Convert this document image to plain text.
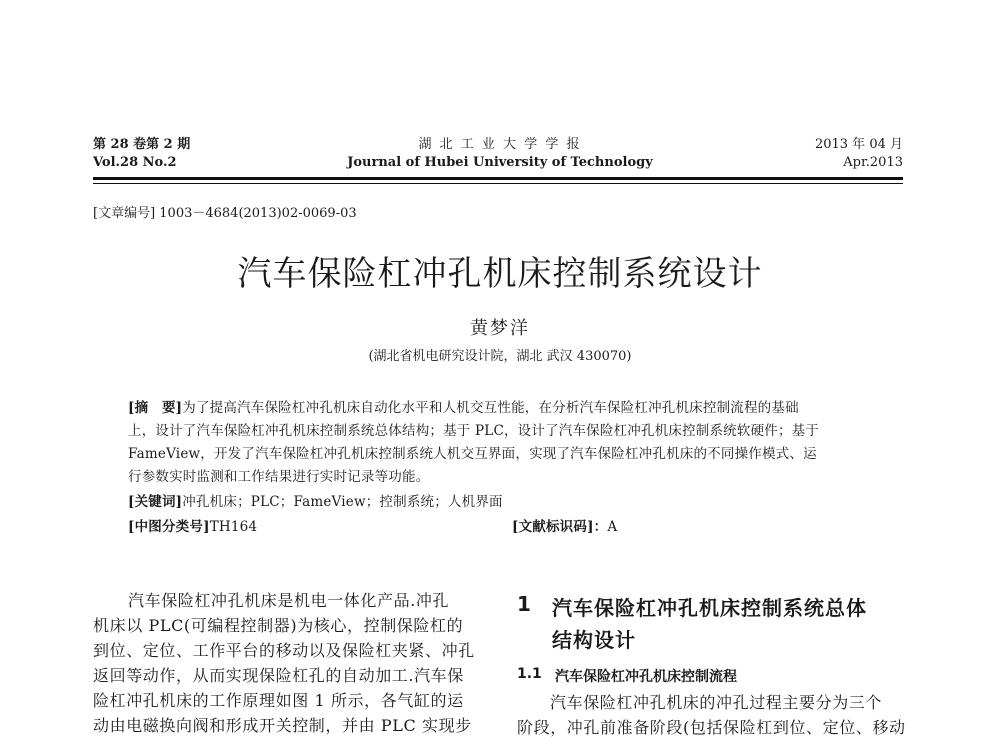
第 28 卷第 2 期
Vol.28 No.2
湖 北 工 业 大 学 学 报
Journal of Hubei University of Technology
2013 年 04 月
Apr.2013
[文章编号] 1003－4684(2013)02-0069-03
汽车保险杠冲孔机床控制系统设计
黄梦洋
(湖北省机电研究设计院，湖北 武汉 430070)
[摘　要]为了提高汽车保险杠冲孔机床自动化水平和人机交互性能，在分析汽车保险杠冲孔机床控制流程的基础
上，设计了汽车保险杠冲孔机床控制系统总体结构；基于 PLC，设计了汽车保险杠冲孔机床控制系统软硬件；基于
FameView，开发了汽车保险杠冲孔机床控制系统人机交互界面，实现了汽车保险杠冲孔机床的不同操作模式、运
行参数实时监测和工作结果进行实时记录等功能。
[关键词]冲孔机床；PLC；FameView；控制系统；人机界面
[中图分类号]TH164	[文献标识码]：A
汽车保险杠冲孔机床是机电一体化产品.冲孔
机床以 PLC(可编程控制器)为核心，控制保险杠的
到位、定位、工作平台的移动以及保险杠夹紧、冲孔
返回等动作，从而实现保险杠孔的自动加工.汽车保
险杠冲孔机床的工作原理如图 1 所示，各气缸的运
动由电磁换向阀和形成开关控制，并由 PLC 实现步
1 汽车保险杠冲孔机床控制系统总体
结构设计
1.1 汽车保险杠冲孔机床控制流程
汽车保险杠冲孔机床的冲孔过程主要分为三个
阶段，冲孔前准备阶段(包括保险杠到位、定位、移动
